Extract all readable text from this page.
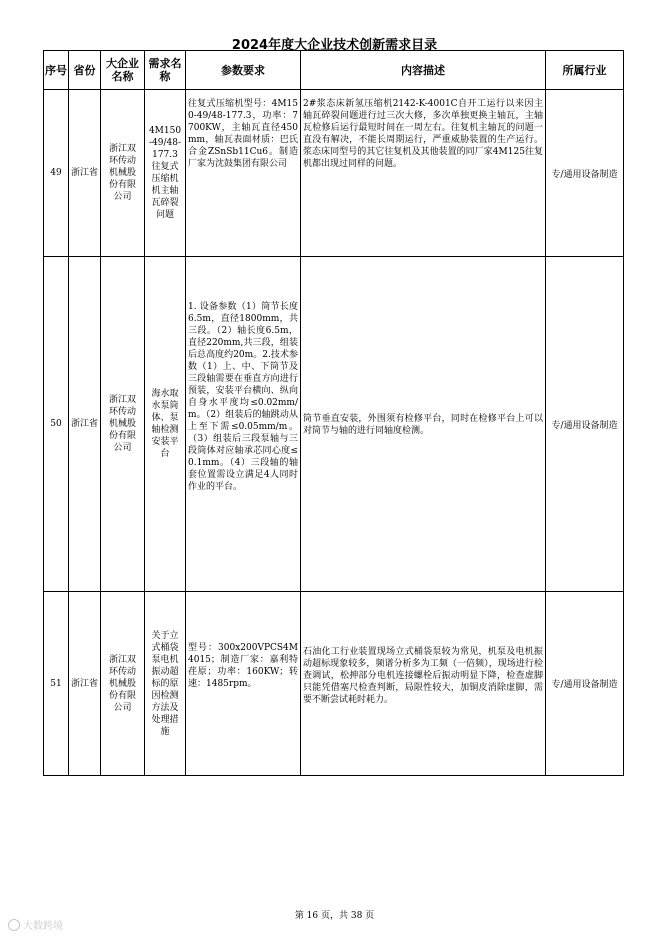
2024年度大企业技术创新需求目录
序号	省份	大企业名称	需求名称	参数要求	内容描述	所属行业
49	浙江省	浙江双环传动机械股份有限公司	4M150-49/48-177.3往复式压缩机机主轴瓦碎裂问题	往复式压缩机型号：4M150-49/48-177.3，功率：7700KW，主轴瓦直径450mm，轴瓦表面材质：巴氏合金ZSnSb11Cu6。制造厂家为沈鼓集团有限公司	2#浆态床新氢压缩机2142-K-4001C自开工运行以来因主轴瓦碎裂问题进行过三次大修，多次单独更换主轴瓦，主轴瓦检修后运行最短时间在一周左右。往复机主轴瓦的问题一直没有解决，不能长周期运行，严重威胁装置的生产运行。浆态床同型号的其它往复机及其他装置的同厂家4M125往复机都出现过同样的问题。	专/通用设备制造
50	浙江省	浙江双环传动机械股份有限公司	海水取水泵筒体、泵轴检测安装平台	1. 设备参数（1）筒节长度6.5m，直径1800mm，共三段。（2）轴长度6.5m，直径220mm,共三段，组装后总高度约20m。2.技术参数（1）上、中、下筒节及三段轴需要在垂直方向进行预装，安装平台横向、纵向自身水平度均≤0.02mm/m。（2）组装后的轴跳动从上至下需≤0.05mm/m。（3）组装后三段泵轴与三段筒体对应轴承芯同心度≤0.1mm。（4）三段轴的轴套位置需设立满足4人同时作业的平台。	筒节垂直安装，外围须有检修平台，同时在检修平台上可以对筒节与轴的进行同轴度检测。	专/通用设备制造
51	浙江省	浙江双环传动机械股份有限公司	关于立式桶袋泵电机振动超标的原因检测方法及处理措施	型号：300x200VPCS4M4015；制造厂家：嘉利特荏原；功率：160KW；转速：1485rpm。	石油化工行业装置现场立式桶袋泵较为常见，机泵及电机振动超标现象较多，频谱分析多为工频（一倍频），现场进行检查调试，松抻部分电机连接螺栓后振动明显下降，检查虚脚只能凭借塞尺检查判断，局限性较大，加铜皮消除虚脚，需要不断尝试耗时耗力。	专/通用设备制造
第 16 页，共 38 页
大数跨境
